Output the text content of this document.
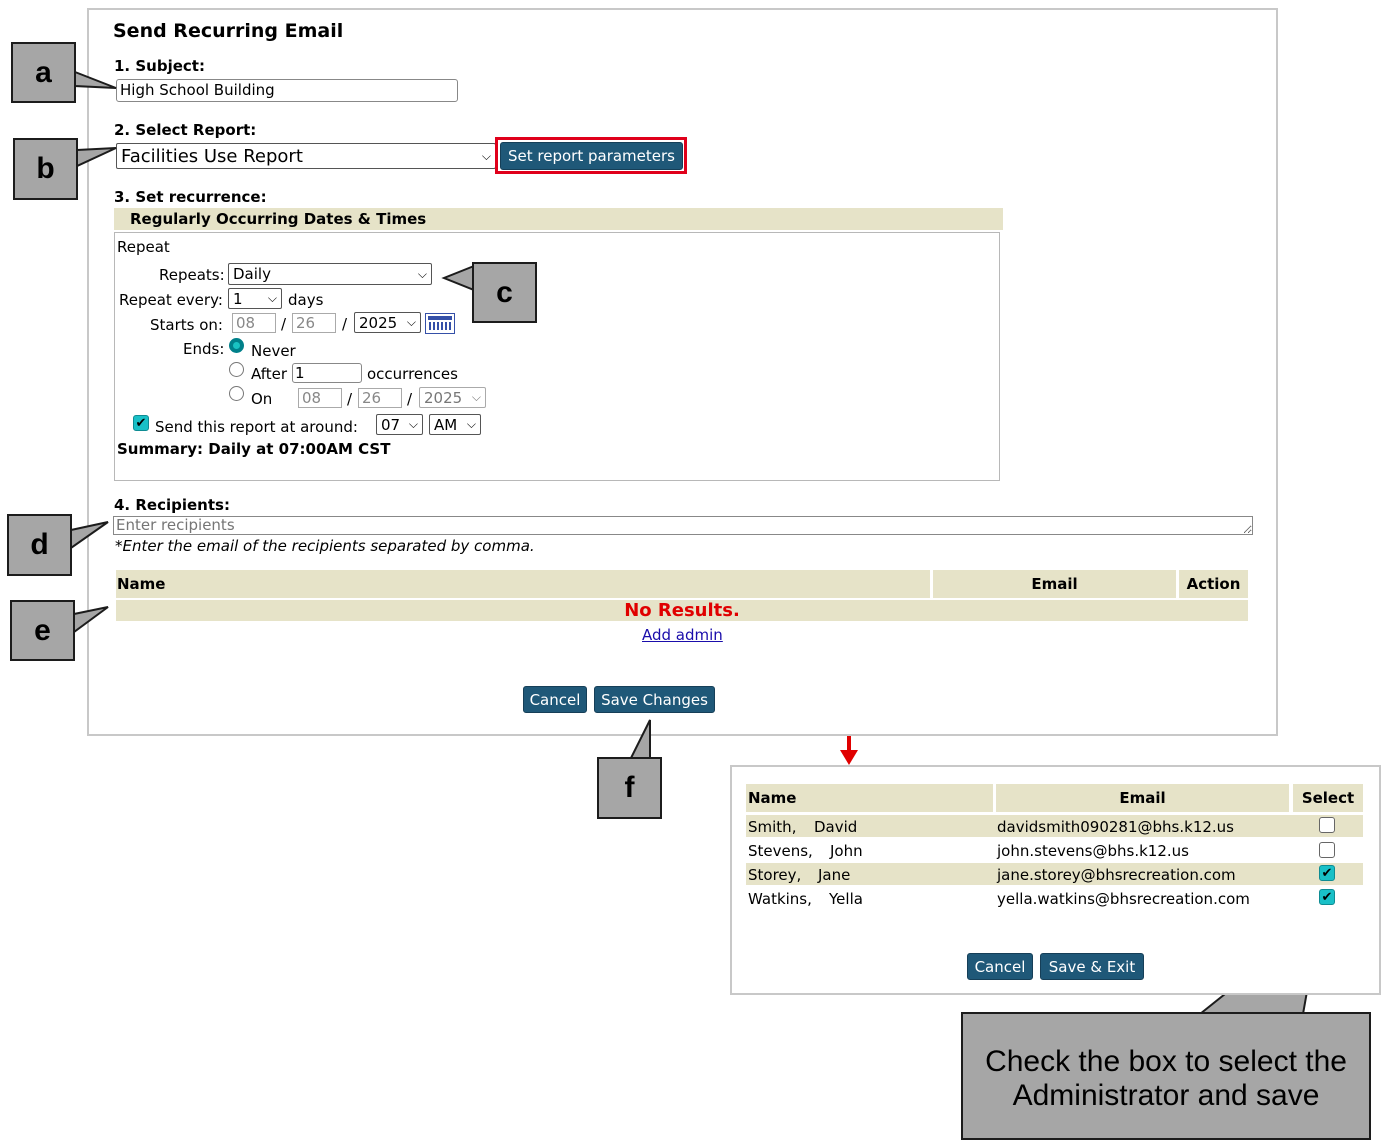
Send Recurring Email
1. Subject:
High School Building
2. Select Report:
Facilities Use Report	⌵	Set report parameters
3. Set recurrence:
Regularly Occurring Dates & Times
Repeat
Repeats: Daily	⌵
Repeat every: 1 ⌵ days
Starts on: 08	/ 26	/ 2025 ⌵
Ends: Never
After 1	occurrences
On 08	/ 26	/ 2025 ⌵
✔ Send this report at around: 07 ⌵ AM ⌵
Summary: Daily at 07:00AM CST
4. Recipients:
Enter recipients
*Enter the email of the recipients separated by comma.
Name	Email	Action
No Results.
Add admin
Cancel	Save Changes
a
b
c
d
e
f	Name	Email	Select
Smith, David	davidsmith090281@bhs.k12.us
Stevens, John	john.stevens@bhs.k12.us
Storey, Jane	jane.storey@bhsrecreation.com	✔
Watkins, Yella	yella.watkins@bhsrecreation.com	✔
Cancel	Save & Exit
Check the box to select the
Administrator and save
